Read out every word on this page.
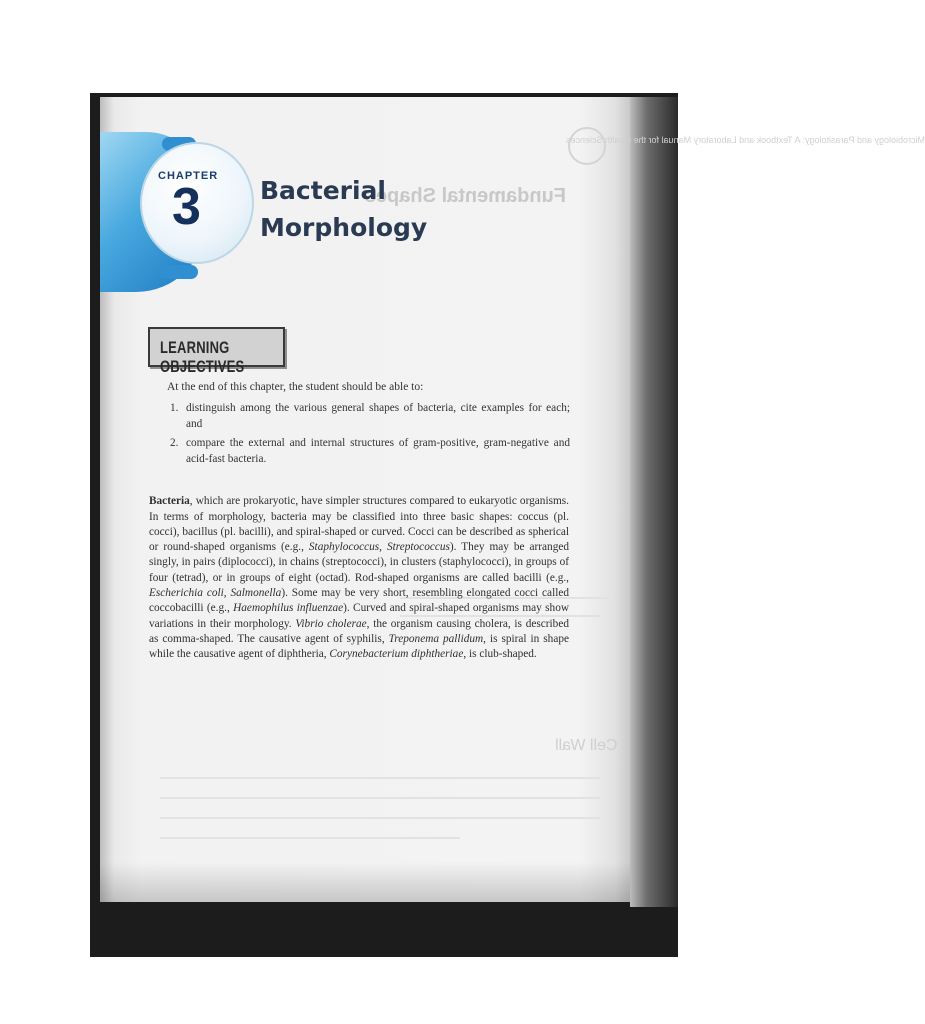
Microbiology and Parasitology: A Textbook and Laboratory Manual for the Health Sciences
Fundamental Shapes
Cell Wall
CHAPTER
3 Bacterial
Morphology
LEARNING OBJECTIVES
At the end of this chapter, the student should be able to:
1. distinguish among the various general shapes of bacteria, cite examples for each; and
2. compare the external and internal structures of gram-positive, gram-negative and acid-fast bacteria.

Bacteria, which are prokaryotic, have simpler structures compared to eukaryotic organisms. In terms of morphology, bacteria may be classified into three basic shapes: coccus (pl. cocci), bacillus (pl. bacilli), and spiral-shaped or curved. Cocci can be described as spherical or round-shaped organisms (e.g., Staphylococcus, Streptococcus). They may be arranged singly, in pairs (diplococci), in chains (streptococci), in clusters (staphylococci), in groups of four (tetrad), or in groups of eight (octad). Rod-shaped organisms are called bacilli (e.g., Escherichia coli, Salmonella). Some may be very short, resembling elongated cocci called coccobacilli (e.g., Haemophilus influenzae). Curved and spiral-shaped organisms may show variations in their morphology. Vibrio cholerae, the organism causing cholera, is described as comma-shaped. The causative agent of syphilis, Treponema pallidum, is spiral in shape while the causative agent of diphtheria, Corynebacterium diphtheriae, is club-shaped.
